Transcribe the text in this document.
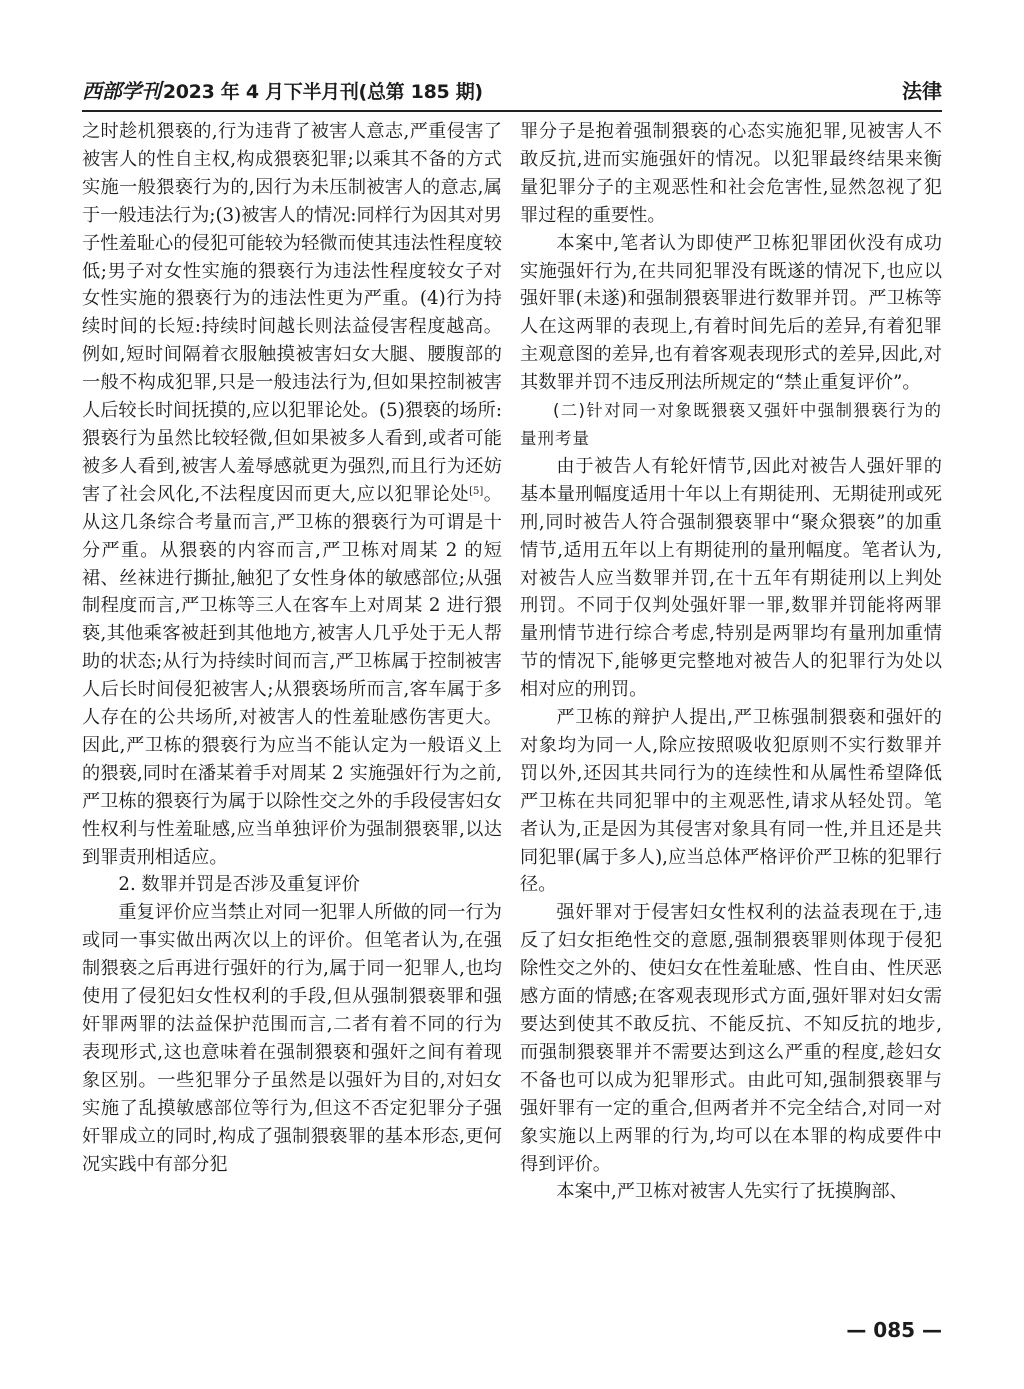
西部学刊 2023 年 4 月下半月刊(总第 185 期)	法律

之时趁机猥亵的,行为违背了被害人意志,严重侵害了被害人的性自主权,构成猥亵犯罪;以乘其不备的方式实施一般猥亵行为的,因行为未压制被害人的意志,属于一般违法行为;(3)被害人的情况:同样行为因其对男子性羞耻心的侵犯可能较为轻微而使其违法性程度较低;男子对女性实施的猥亵行为违法性程度较女子对女性实施的猥亵行为的违法性更为严重。(4)行为持续时间的长短:持续时间越长则法益侵害程度越高。例如,短时间隔着衣服触摸被害妇女大腿、腰腹部的一般不构成犯罪,只是一般违法行为,但如果控制被害人后较长时间抚摸的,应以犯罪论处。(5)猥亵的场所:猥亵行为虽然比较轻微,但如果被多人看到,或者可能被多人看到,被害人羞辱感就更为强烈,而且行为还妨害了社会风化,不法程度因而更大,应以犯罪论处[5]。从这几条综合考量而言,严卫栋的猥亵行为可谓是十分严重。从猥亵的内容而言,严卫栋对周某 2 的短裙、丝袜进行撕扯,触犯了女性身体的敏感部位;从强制程度而言,严卫栋等三人在客车上对周某 2 进行猥亵,其他乘客被赶到其他地方,被害人几乎处于无人帮助的状态;从行为持续时间而言,严卫栋属于控制被害人后长时间侵犯被害人;从猥亵场所而言,客车属于多人存在的公共场所,对被害人的性羞耻感伤害更大。因此,严卫栋的猥亵行为应当不能认定为一般语义上的猥亵,同时在潘某着手对周某 2 实施强奸行为之前,严卫栋的猥亵行为属于以除性交之外的手段侵害妇女性权利与性羞耻感,应当单独评价为强制猥亵罪,以达到罪责刑相适应。

2. 数罪并罚是否涉及重复评价

重复评价应当禁止对同一犯罪人所做的同一行为或同一事实做出两次以上的评价。但笔者认为,在强制猥亵之后再进行强奸的行为,属于同一犯罪人,也均使用了侵犯妇女性权利的手段,但从强制猥亵罪和强奸罪两罪的法益保护范围而言,二者有着不同的行为表现形式,这也意味着在强制猥亵和强奸之间有着现象区别。一些犯罪分子虽然是以强奸为目的,对妇女实施了乱摸敏感部位等行为,但这不否定犯罪分子强奸罪成立的同时,构成了强制猥亵罪的基本形态,更何况实践中有部分犯

罪分子是抱着强制猥亵的心态实施犯罪,见被害人不敢反抗,进而实施强奸的情况。以犯罪最终结果来衡量犯罪分子的主观恶性和社会危害性,显然忽视了犯罪过程的重要性。

本案中,笔者认为即使严卫栋犯罪团伙没有成功实施强奸行为,在共同犯罪没有既遂的情况下,也应以强奸罪(未遂)和强制猥亵罪进行数罪并罚。严卫栋等人在这两罪的表现上,有着时间先后的差异,有着犯罪主观意图的差异,也有着客观表现形式的差异,因此,对其数罪并罚不违反刑法所规定的“禁止重复评价”。

(二)针对同一对象既猥亵又强奸中强制猥亵行为的量刑考量

由于被告人有轮奸情节,因此对被告人强奸罪的基本量刑幅度适用十年以上有期徒刑、无期徒刑或死刑,同时被告人符合强制猥亵罪中“聚众猥亵”的加重情节,适用五年以上有期徒刑的量刑幅度。笔者认为,对被告人应当数罪并罚,在十五年有期徒刑以上判处刑罚。不同于仅判处强奸罪一罪,数罪并罚能将两罪量刑情节进行综合考虑,特别是两罪均有量刑加重情节的情况下,能够更完整地对被告人的犯罪行为处以相对应的刑罚。

严卫栋的辩护人提出,严卫栋强制猥亵和强奸的对象均为同一人,除应按照吸收犯原则不实行数罪并罚以外,还因其共同行为的连续性和从属性希望降低严卫栋在共同犯罪中的主观恶性,请求从轻处罚。笔者认为,正是因为其侵害对象具有同一性,并且还是共同犯罪(属于多人),应当总体严格评价严卫栋的犯罪行径。

强奸罪对于侵害妇女性权利的法益表现在于,违反了妇女拒绝性交的意愿,强制猥亵罪则体现于侵犯除性交之外的、使妇女在性羞耻感、性自由、性厌恶感方面的情感;在客观表现形式方面,强奸罪对妇女需要达到使其不敢反抗、不能反抗、不知反抗的地步,而强制猥亵罪并不需要达到这么严重的程度,趁妇女不备也可以成为犯罪形式。由此可知,强制猥亵罪与强奸罪有一定的重合,但两者并不完全结合,对同一对象实施以上两罪的行为,均可以在本罪的构成要件中得到评价。

本案中,严卫栋对被害人先实行了抚摸胸部、

— 085 —
